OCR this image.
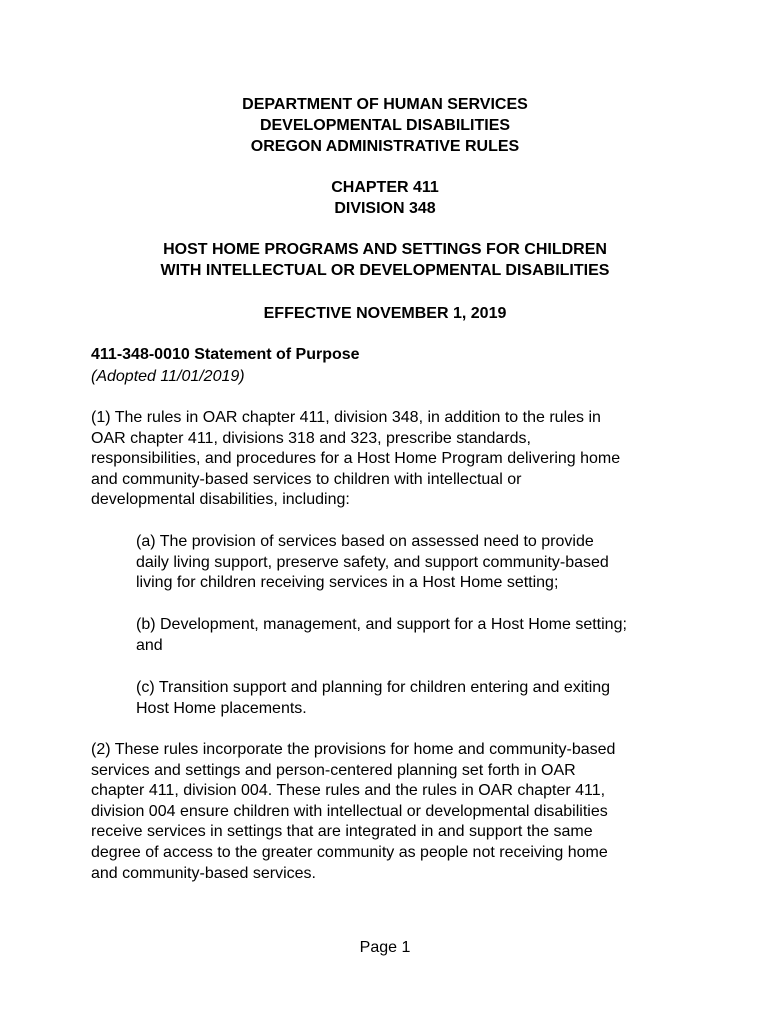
DEPARTMENT OF HUMAN SERVICES
DEVELOPMENTAL DISABILITIES
OREGON ADMINISTRATIVE RULES
CHAPTER 411
DIVISION 348
HOST HOME PROGRAMS AND SETTINGS FOR CHILDREN
WITH INTELLECTUAL OR DEVELOPMENTAL DISABILITIES
EFFECTIVE NOVEMBER 1, 2019
411-348-0010 Statement of Purpose
(Adopted 11/01/2019)
(1) The rules in OAR chapter 411, division 348, in addition to the rules in
OAR chapter 411, divisions 318 and 323, prescribe standards,
responsibilities, and procedures for a Host Home Program delivering home
and community-based services to children with intellectual or
developmental disabilities, including:
(a) The provision of services based on assessed need to provide
daily living support, preserve safety, and support community-based
living for children receiving services in a Host Home setting;
(b) Development, management, and support for a Host Home setting;
and
(c) Transition support and planning for children entering and exiting
Host Home placements.
(2) These rules incorporate the provisions for home and community-based
services and settings and person-centered planning set forth in OAR
chapter 411, division 004. These rules and the rules in OAR chapter 411,
division 004 ensure children with intellectual or developmental disabilities
receive services in settings that are integrated in and support the same
degree of access to the greater community as people not receiving home
and community-based services.
Page 1
